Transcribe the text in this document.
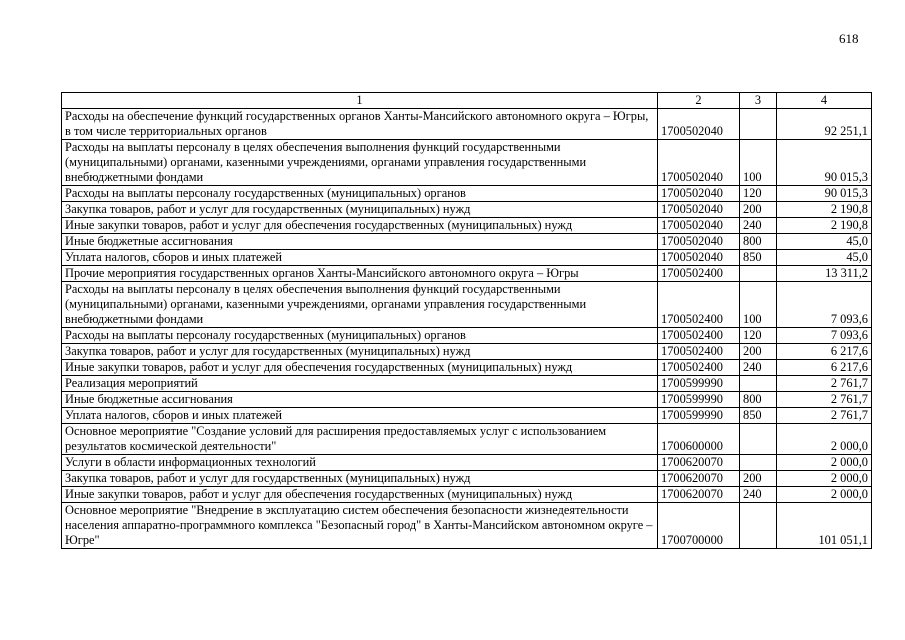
618
1	2	3	4
Расходы на обеспечение функций государственных органов Ханты-Мансийского автономного округа – Югры, в том числе территориальных органов	1700502040		92 251,1
Расходы на выплаты персоналу в целях обеспечения выполнения функций государственными (муниципальными) органами, казенными учреждениями, органами управления государственными внебюджетными фондами	1700502040	100	90 015,3
Расходы на выплаты персоналу государственных (муниципальных) органов	1700502040	120	90 015,3
Закупка товаров, работ и услуг для государственных (муниципальных) нужд	1700502040	200	2 190,8
Иные закупки товаров, работ и услуг для обеспечения государственных (муниципальных) нужд	1700502040	240	2 190,8
Иные бюджетные ассигнования	1700502040	800	45,0
Уплата налогов, сборов и иных платежей	1700502040	850	45,0
Прочие мероприятия государственных органов Ханты-Мансийского автономного округа – Югры	1700502400		13 311,2
Расходы на выплаты персоналу в целях обеспечения выполнения функций государственными (муниципальными) органами, казенными учреждениями, органами управления государственными внебюджетными фондами	1700502400	100	7 093,6
Расходы на выплаты персоналу государственных (муниципальных) органов	1700502400	120	7 093,6
Закупка товаров, работ и услуг для государственных (муниципальных) нужд	1700502400	200	6 217,6
Иные закупки товаров, работ и услуг для обеспечения государственных (муниципальных) нужд	1700502400	240	6 217,6
Реализация мероприятий	1700599990		2 761,7
Иные бюджетные ассигнования	1700599990	800	2 761,7
Уплата налогов, сборов и иных платежей	1700599990	850	2 761,7
Основное мероприятие "Создание условий для расширения предоставляемых услуг с использованием результатов космической деятельности"	1700600000		2 000,0
Услуги в области информационных технологий	1700620070		2 000,0
Закупка товаров, работ и услуг для государственных (муниципальных) нужд	1700620070	200	2 000,0
Иные закупки товаров, работ и услуг для обеспечения государственных (муниципальных) нужд	1700620070	240	2 000,0
Основное мероприятие "Внедрение в эксплуатацию систем обеспечения безопасности жизнедеятельности населения аппаратно-программного комплекса "Безопасный город" в Ханты-Мансийском автономном округе – Югре"	1700700000		101 051,1
